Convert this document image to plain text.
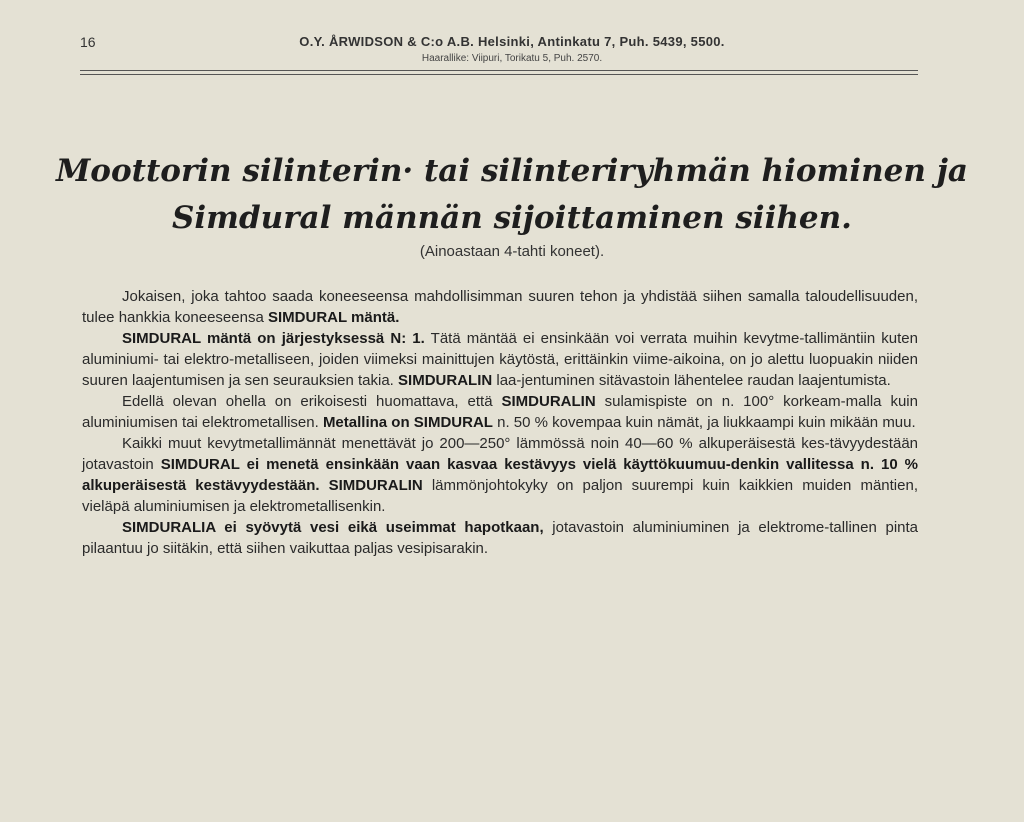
16	O.Y. ÅRWIDSON & C:o A.B. Helsinki, Antinkatu 7, Puh. 5439, 5500.
Haarallike: Viipuri, Torikatu 5, Puh. 2570.
Moottorin silinterin· tai silinteriryhmän hiominen ja
Simdural männän sijoittaminen siihen.
(Ainoastaan 4-tahti koneet).

Jokaisen, joka tahtoo saada koneeseensa mahdollisimman suuren tehon ja yhdistää siihen samalla taloudellisuuden, tulee hankkia koneeseensa SIMDURAL mäntä.

SIMDURAL mäntä on järjestyksessä N: 1. Tätä mäntää ei ensinkään voi verrata muihin kevytme-tallimäntiin kuten aluminiumi- tai elektro-metalliseen, joiden viimeksi mainittujen käytöstä, erittäinkin viime-aikoina, on jo alettu luopuakin niiden suuren laajentumisen ja sen seurauksien takia. SIMDURALIN laa-jentuminen sitävastoin lähentelee raudan laajentumista.

Edellä olevan ohella on erikoisesti huomattava, että SIMDURALIN sulamispiste on n. 100° korkeam-malla kuin aluminiumisen tai elektrometallisen. Metallina on SIMDURAL n. 50 % kovempaa kuin nämät, ja liukkaampi kuin mikään muu.

Kaikki muut kevytmetallimännät menettävät jo 200—250° lämmössä noin 40—60 % alkuperäisestä kes-tävyydestään jotavastoin SIMDURAL ei menetä ensinkään vaan kasvaa kestävyys vielä käyttökuumuu-denkin vallitessa n. 10 % alkuperäisestä kestävyydestään. SIMDURALIN lämmönjohtokyky on paljon suurempi kuin kaikkien muiden mäntien, vieläpä aluminiumisen ja elektrometallisenkin.

SIMDURALIA ei syövytä vesi eikä useimmat hapotkaan, jotavastoin aluminiuminen ja elektrome-tallinen pinta pilaantuu jo siitäkin, että siihen vaikuttaa paljas vesipisarakin.
